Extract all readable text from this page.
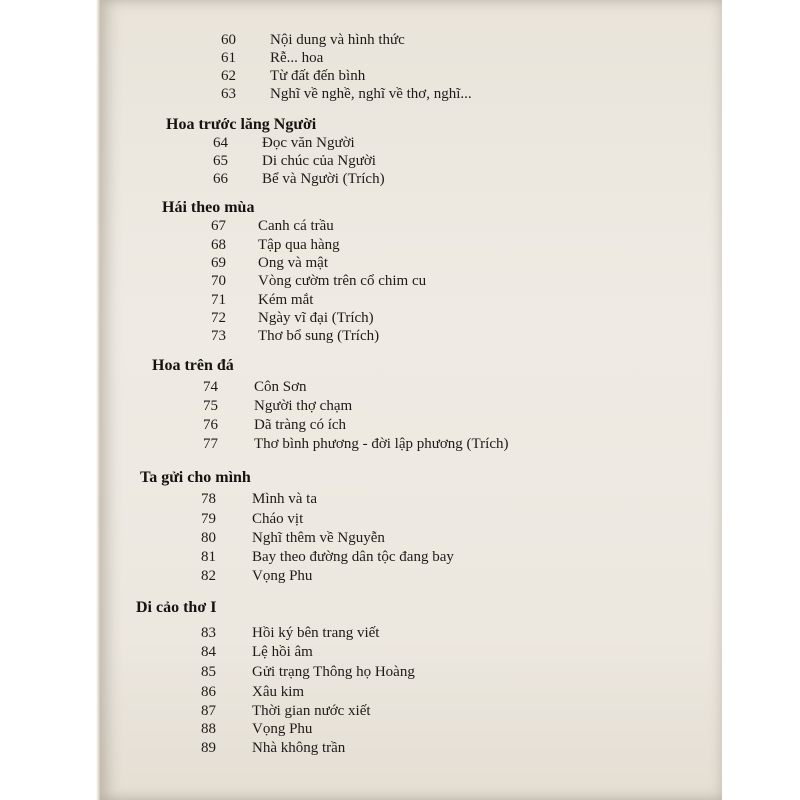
60 Nội dung và hình thức
61 Rễ... hoa
62 Từ đất đến bình
63 Nghĩ về nghề, nghĩ về thơ, nghĩ...
Hoa trước lăng Người
64 Đọc văn Người
65 Di chúc của Người
66 Bể và Người (Trích)
Hái theo mùa
67 Canh cá trầu
68 Tập qua hàng
69 Ong và mật
70 Vòng cườm trên cổ chim cu
71 Kém mắt
72 Ngày vĩ đại (Trích)
73 Thơ bổ sung (Trích)
Hoa trên đá
74 Côn Sơn
75 Người thợ chạm
76 Dã tràng có ích
77 Thơ bình phương - đời lập phương (Trích)
Ta gửi cho mình
78 Mình và ta
79 Cháo vịt
80 Nghĩ thêm về Nguyễn
81 Bay theo đường dân tộc đang bay
82 Vọng Phu
Di cảo thơ I
83 Hồi ký bên trang viết
84 Lệ hồi âm
85 Gửi trạng Thông họ Hoàng
86 Xâu kim
87 Thời gian nước xiết
88 Vọng Phu
89 Nhà không trần
